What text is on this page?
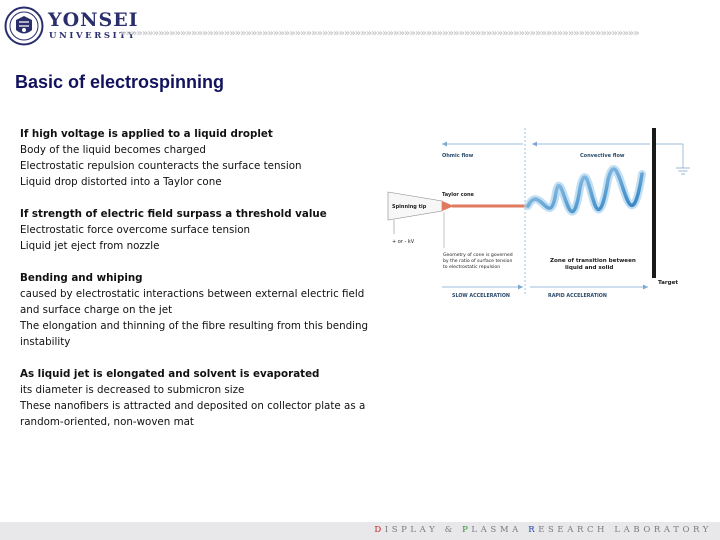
YONSEI
UNIVERSITY
»»»»»»»»»»»»»»»»»»»»»»»»»»»»»»»»»»»»»»»»»»»»»»»»»»»»»»»»»»»»»»»»»»»»»»»»»»»»»»»»»»»»»»»»»»»»»»»
Basic of electrospinning
If high voltage is applied to a liquid droplet
Body of the liquid becomes charged
Electrostatic repulsion counteracts the surface tension
Liquid drop distorted into a Taylor cone
If strength of electric field surpass a threshold value
Electrostatic force overcome surface tension
Liquid jet eject from nozzle
Bending and whiping
caused by electrostatic interactions between external electric field and surface charge on the jet
The elongation and thinning of the fibre resulting from this bending instability
As liquid jet is elongated and solvent is evaporated
its diameter is decreased to submicron size
These nanofibers is attracted and deposited on collector plate as a random-oriented, non-woven mat
Ohmic flow	Convective flow
Spinning tip
Taylor cone
+ or - kV
Geometry of cone is governed by the ratio of surface tension to electrostatic repulsion
Zone of transition between liquid and solid
Target
SLOW ACCELERATION	RAPID ACCELERATION
DISPLAY & PLASMA RESEARCH LABORATORY
